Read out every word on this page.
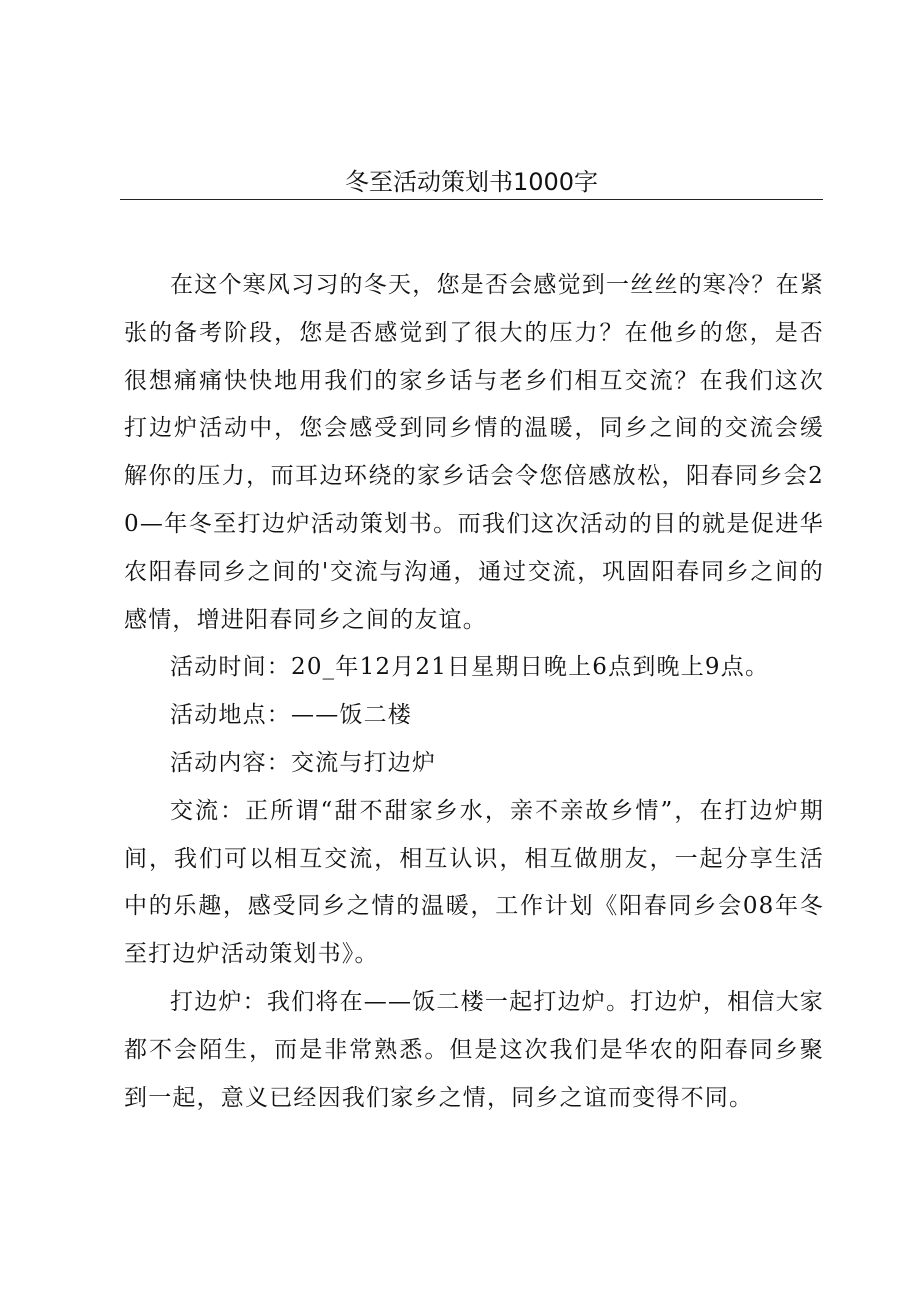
冬至活动策划书1000字

在这个寒风习习的冬天，您是否会感觉到一丝丝的寒冷？在紧张的备考阶段，您是否感觉到了很大的压力？在他乡的您，是否很想痛痛快快地用我们的家乡话与老乡们相互交流？在我们这次打边炉活动中，您会感受到同乡情的温暖，同乡之间的交流会缓解你的压力，而耳边环绕的家乡话会令您倍感放松，阳春同乡会20—年冬至打边炉活动策划书。而我们这次活动的目的就是促进华农阳春同乡之间的'交流与沟通，通过交流，巩固阳春同乡之间的感情，增进阳春同乡之间的友谊。

活动时间：20_年12月21日星期日晚上6点到晚上9点。

活动地点：——饭二楼

活动内容：交流与打边炉

交流：正所谓“甜不甜家乡水，亲不亲故乡情”，在打边炉期间，我们可以相互交流，相互认识，相互做朋友，一起分享生活中的乐趣，感受同乡之情的温暖，工作计划《阳春同乡会08年冬至打边炉活动策划书》。

打边炉：我们将在——饭二楼一起打边炉。打边炉，相信大家都不会陌生，而是非常熟悉。但是这次我们是华农的阳春同乡聚到一起，意义已经因我们家乡之情，同乡之谊而变得不同。
